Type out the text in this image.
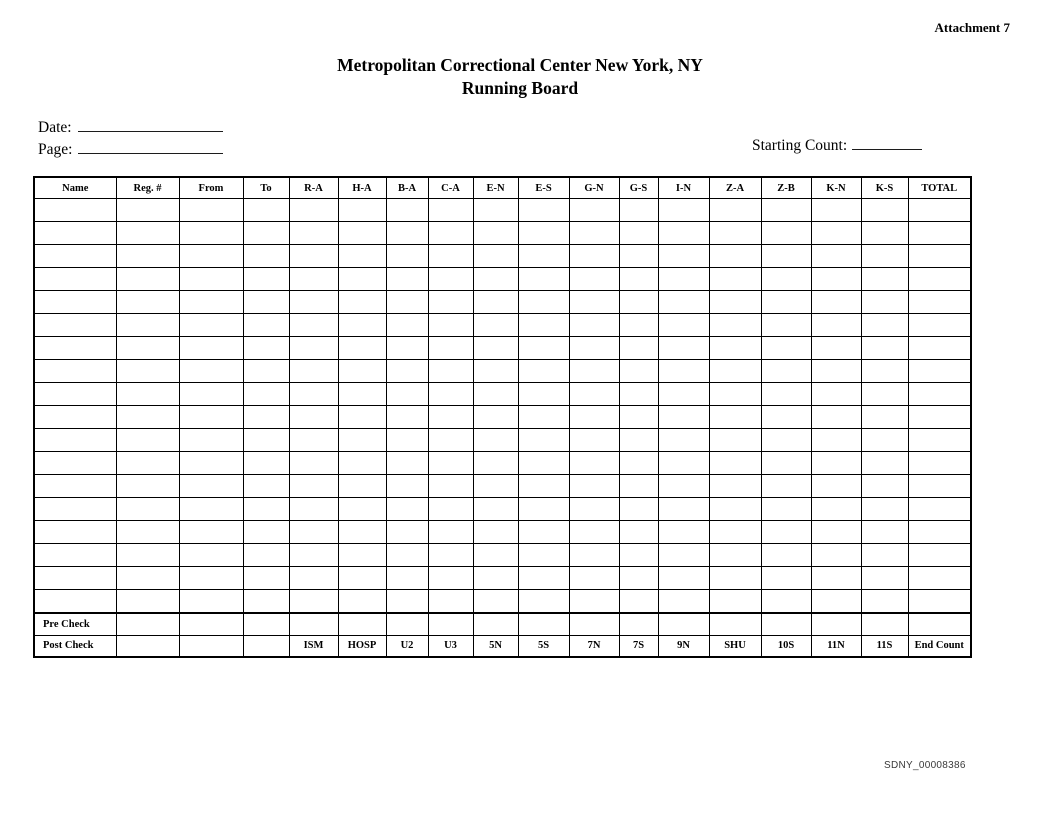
Attachment 7
Metropolitan Correctional Center New York, NY
Running Board
Date:
Page:	Starting Count:
Name	Reg. #	From	To	R-A	H-A	B-A	C-A	E-N	E-S	G-N	G-S	I-N	Z-A	Z-B	K-N	K-S	TOTAL

Pre Check																	
Post Check				ISM	HOSP	U2	U3	5N	5S	7N	7S	9N	SHU	10S	11N	11S	End Count
SDNY_00008386
